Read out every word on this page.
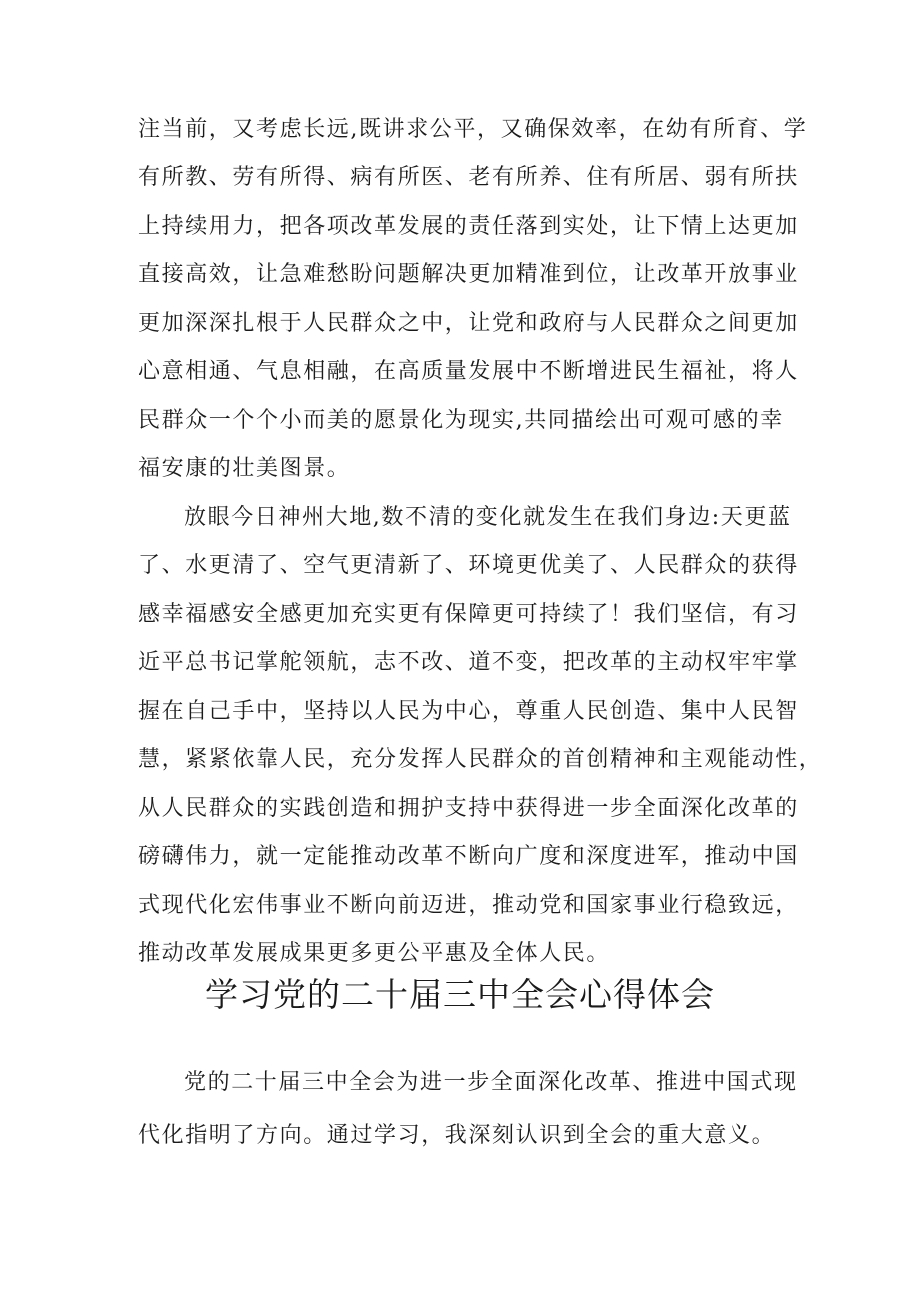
注当前，又考虑长远,既讲求公平，又确保效率，在幼有所育、学
有所教、劳有所得、病有所医、老有所养、住有所居、弱有所扶
上持续用力，把各项改革发展的责任落到实处，让下情上达更加
直接高效，让急难愁盼问题解决更加精准到位，让改革开放事业
更加深深扎根于人民群众之中，让党和政府与人民群众之间更加
心意相通、气息相融，在高质量发展中不断增进民生福祉，将人
民群众一个个小而美的愿景化为现实,共同描绘出可观可感的幸
福安康的壮美图景。
放眼今日神州大地,数不清的变化就发生在我们身边:天更蓝
了、水更清了、空气更清新了、环境更优美了、人民群众的获得
感幸福感安全感更加充实更有保障更可持续了！我们坚信，有习
近平总书记掌舵领航，志不改、道不变，把改革的主动权牢牢掌
握在自己手中，坚持以人民为中心，尊重人民创造、集中人民智
慧，紧紧依靠人民，充分发挥人民群众的首创精神和主观能动性，
从人民群众的实践创造和拥护支持中获得进一步全面深化改革的
磅礴伟力，就一定能推动改革不断向广度和深度进军，推动中国
式现代化宏伟事业不断向前迈进，推动党和国家事业行稳致远，
推动改革发展成果更多更公平惠及全体人民。
学习党的二十届三中全会心得体会
党的二十届三中全会为进一步全面深化改革、推进中国式现
代化指明了方向。通过学习，我深刻认识到全会的重大意义。
